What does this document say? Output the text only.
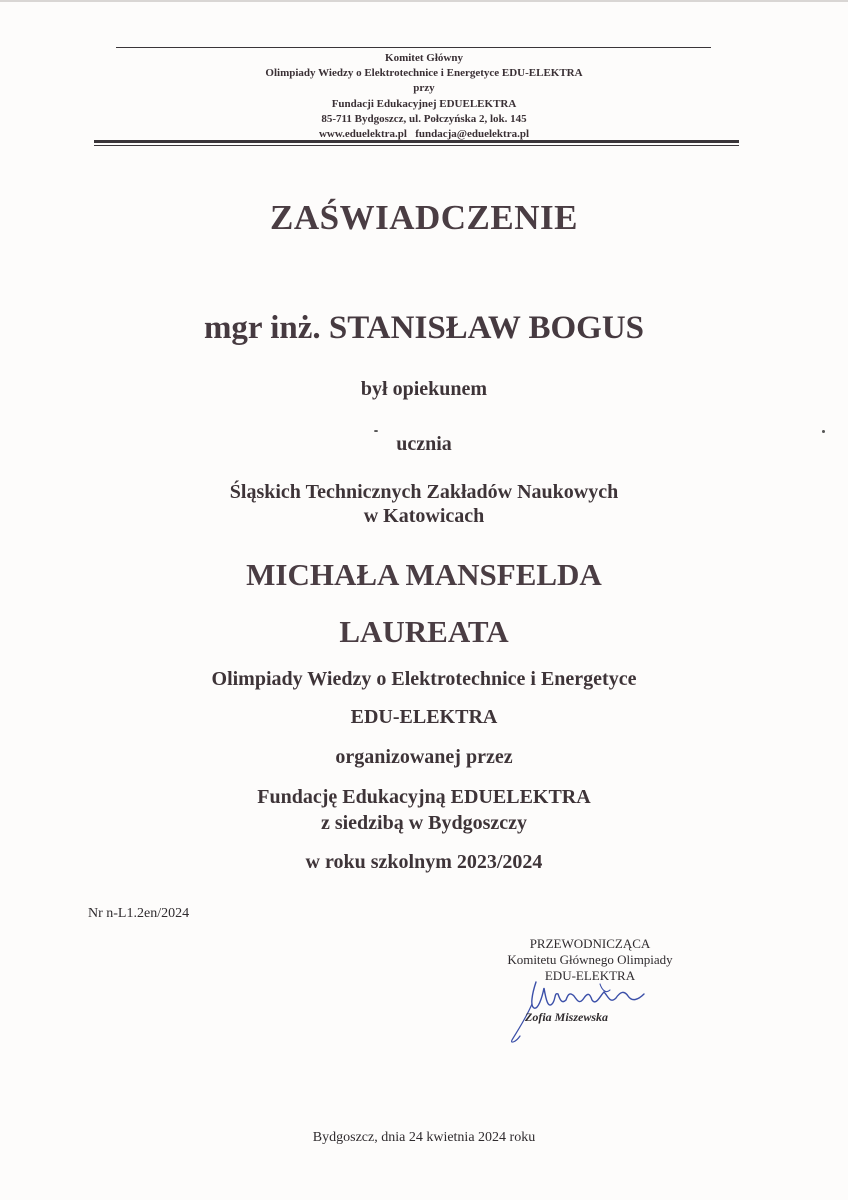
Komitet Główny
Olimpiady Wiedzy o Elektrotechnice i Energetyce EDU-ELEKTRA
przy
Fundacji Edukacyjnej EDUELEKTRA
85-711 Bydgoszcz, ul. Połczyńska 2, lok. 145
www.eduelektra.pl fundacja@eduelektra.pl
ZAŚWIADCZENIE
mgr inż. STANISŁAW BOGUS
był opiekunem
ucznia
Śląskich Technicznych Zakładów Naukowych
w Katowicach
MICHAŁA MANSFELDA
LAUREATA
Olimpiady Wiedzy o Elektrotechnice i Energetyce
EDU-ELEKTRA
organizowanej przez
Fundację Edukacyjną EDUELEKTRA
z siedzibą w Bydgoszczy
w roku szkolnym 2023/2024
Nr n-L1.2en/2024
PRZEWODNICZĄCA
Komitetu Głównego Olimpiady
EDU-ELEKTRA
Zofia Miszewska
Bydgoszcz, dnia 24 kwietnia 2024 roku
